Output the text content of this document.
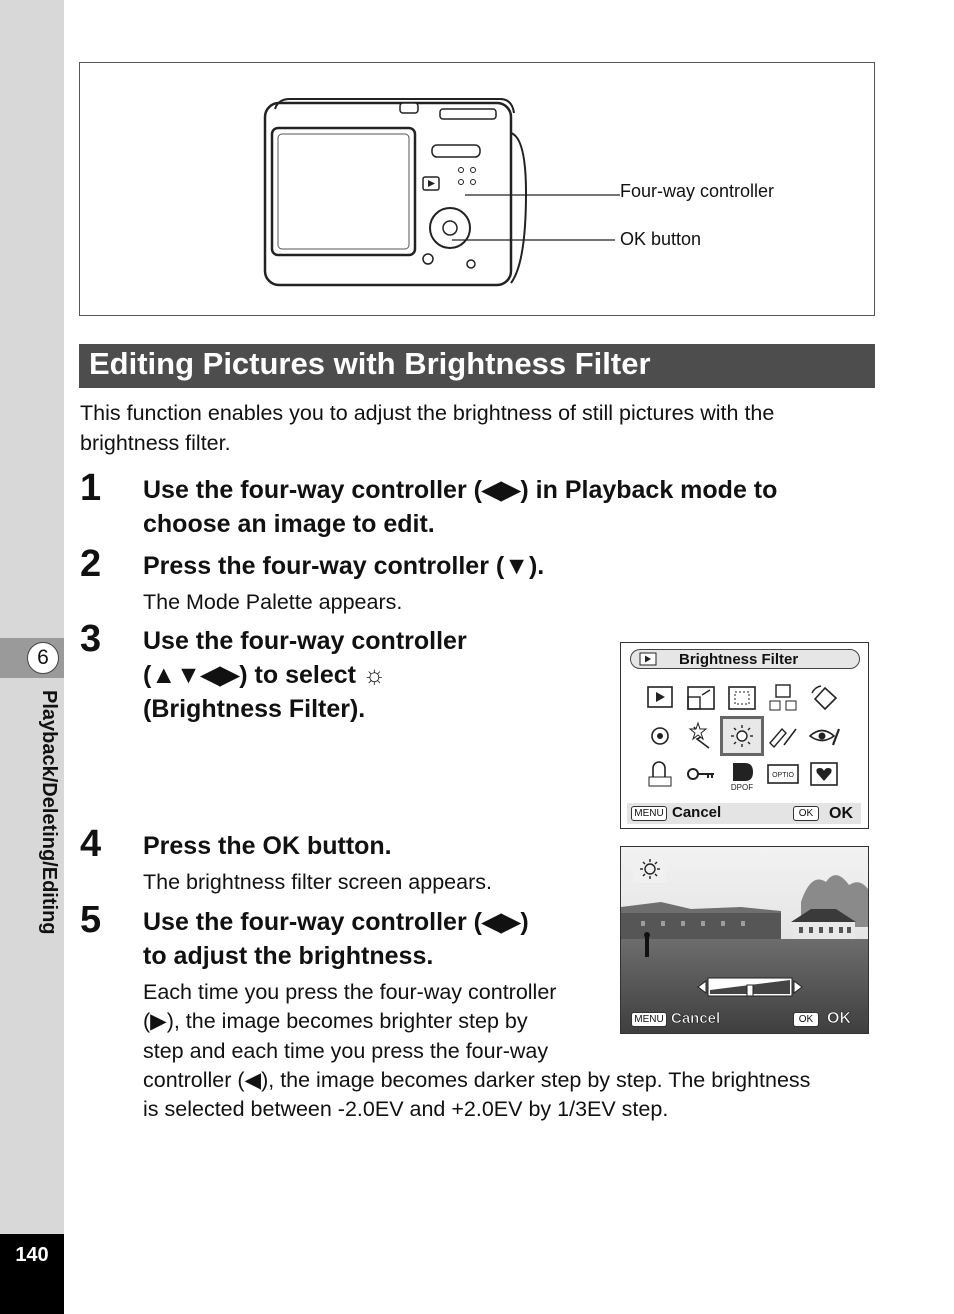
6
Playback/Deleting/Editing
140
Four-way controller
OK button
Editing Pictures with Brightness Filter
This function enables you to adjust the brightness of still pictures with the
brightness filter.
1 Use the four-way controller (◀▶) in Playback mode to
choose an image to edit.
2 Press the four-way controller (▼).
The Mode Palette appears.
3 Use the four-way controller
(▲▼◀▶) to select ☼
(Brightness Filter).
Brightness Filter
DPOF
OPTIO
MENU Cancel	OK OK
4 Press the OK button.
The brightness filter screen appears.
MENU Cancel	OK OK
5 Use the four-way controller (◀▶)
to adjust the brightness.
Each time you press the four-way controller
(▶), the image becomes brighter step by
step and each time you press the four-way
controller (◀), the image becomes darker step by step. The brightness
is selected between -2.0EV and +2.0EV by 1/3EV step.
